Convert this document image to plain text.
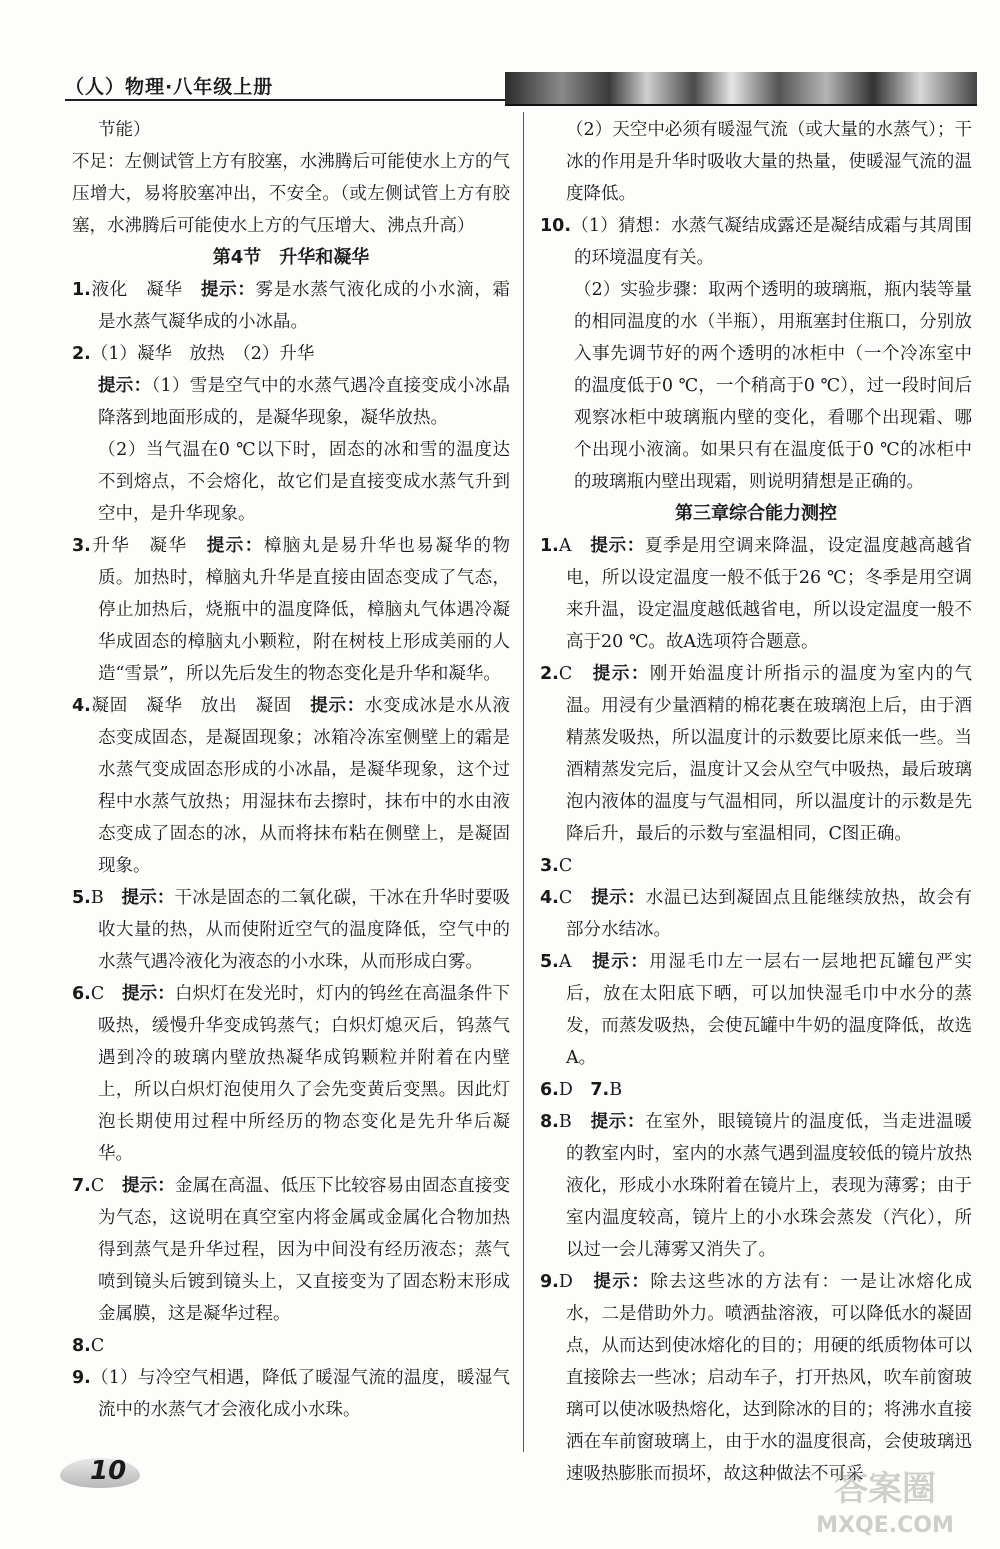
（人）物理·八年级上册

节能）

不足：左侧试管上方有胶塞，水沸腾后可能使水上方的气压增大，易将胶塞冲出，不安全。（或左侧试管上方有胶塞，水沸腾后可能使水上方的气压增大、沸点升高）

第4节　升华和凝华

1.液化　凝华　提示：雾是水蒸气液化成的小水滴，霜是水蒸气凝华成的小冰晶。

2.（1）凝华　放热　（2）升华

提示：（1）雪是空气中的水蒸气遇冷直接变成小冰晶降落到地面形成的，是凝华现象，凝华放热。

（2）当气温在0 ℃以下时，固态的冰和雪的温度达不到熔点，不会熔化，故它们是直接变成水蒸气升到空中，是升华现象。

3.升华　凝华　提示：樟脑丸是易升华也易凝华的物质。加热时，樟脑丸升华是直接由固态变成了气态，停止加热后，烧瓶中的温度降低，樟脑丸气体遇冷凝华成固态的樟脑丸小颗粒，附在树枝上形成美丽的人造“雪景”，所以先后发生的物态变化是升华和凝华。

4.凝固　凝华　放出　凝固　提示：水变成冰是水从液态变成固态，是凝固现象；冰箱冷冻室侧壁上的霜是水蒸气变成固态形成的小冰晶，是凝华现象，这个过程中水蒸气放热；用湿抹布去擦时，抹布中的水由液态变成了固态的冰，从而将抹布粘在侧壁上，是凝固现象。

5.B　提示：干冰是固态的二氧化碳，干冰在升华时要吸收大量的热，从而使附近空气的温度降低，空气中的水蒸气遇冷液化为液态的小水珠，从而形成白雾。

6.C　提示：白炽灯在发光时，灯内的钨丝在高温条件下吸热，缓慢升华变成钨蒸气；白炽灯熄灭后，钨蒸气遇到冷的玻璃内壁放热凝华成钨颗粒并附着在内壁上，所以白炽灯泡使用久了会先变黄后变黑。因此灯泡长期使用过程中所经历的物态变化是先升华后凝华。

7.C　提示：金属在高温、低压下比较容易由固态直接变为气态，这说明在真空室内将金属或金属化合物加热得到蒸气是升华过程，因为中间没有经历液态；蒸气喷到镜头后镀到镜头上，又直接变为了固态粉末形成金属膜，这是凝华过程。

8.C

9.（1）与冷空气相遇，降低了暖湿气流的温度，暖湿气流中的水蒸气才会液化成小水珠。

（2）天空中必须有暖湿气流（或大量的水蒸气）；干冰的作用是升华时吸收大量的热量，使暖湿气流的温度降低。

10.（1）猜想：水蒸气凝结成露还是凝结成霜与其周围的环境温度有关。

（2）实验步骤：取两个透明的玻璃瓶，瓶内装等量的相同温度的水（半瓶），用瓶塞封住瓶口，分别放入事先调节好的两个透明的冰柜中（一个冷冻室中的温度低于0 ℃，一个稍高于0 ℃），过一段时间后观察冰柜中玻璃瓶内壁的变化，看哪个出现霜、哪个出现小液滴。如果只有在温度低于0 ℃的冰柜中的玻璃瓶内壁出现霜，则说明猜想是正确的。

第三章综合能力测控

1.A　提示：夏季是用空调来降温，设定温度越高越省电，所以设定温度一般不低于26 ℃；冬季是用空调来升温，设定温度越低越省电，所以设定温度一般不高于20 ℃。故A选项符合题意。

2.C　提示：刚开始温度计所指示的温度为室内的气温。用浸有少量酒精的棉花裹在玻璃泡上后，由于酒精蒸发吸热，所以温度计的示数要比原来低一些。当酒精蒸发完后，温度计又会从空气中吸热，最后玻璃泡内液体的温度与气温相同，所以温度计的示数是先降后升，最后的示数与室温相同，C图正确。

3.C

4.C　提示：水温已达到凝固点且能继续放热，故会有部分水结冰。

5.A　提示：用湿毛巾左一层右一层地把瓦罐包严实后，放在太阳底下晒，可以加快湿毛巾中水分的蒸发，而蒸发吸热，会使瓦罐中牛奶的温度降低，故选A。

6.D　7.B

8.B　提示：在室外，眼镜镜片的温度低，当走进温暖的教室内时，室内的水蒸气遇到温度较低的镜片放热液化，形成小水珠附着在镜片上，表现为薄雾；由于室内温度较高，镜片上的小水珠会蒸发（汽化），所以过一会儿薄雾又消失了。

9.D　提示：除去这些冰的方法有：一是让冰熔化成水，二是借助外力。喷洒盐溶液，可以降低水的凝固点，从而达到使冰熔化的目的；用硬的纸质物体可以直接除去一些冰；启动车子，打开热风，吹车前窗玻璃可以使冰吸热熔化，达到除冰的目的；将沸水直接洒在车前窗玻璃上，由于水的温度很高，会使玻璃迅速吸热膨胀而损坏，故这种做法不可采

10	答案圈
MXQE.COM
